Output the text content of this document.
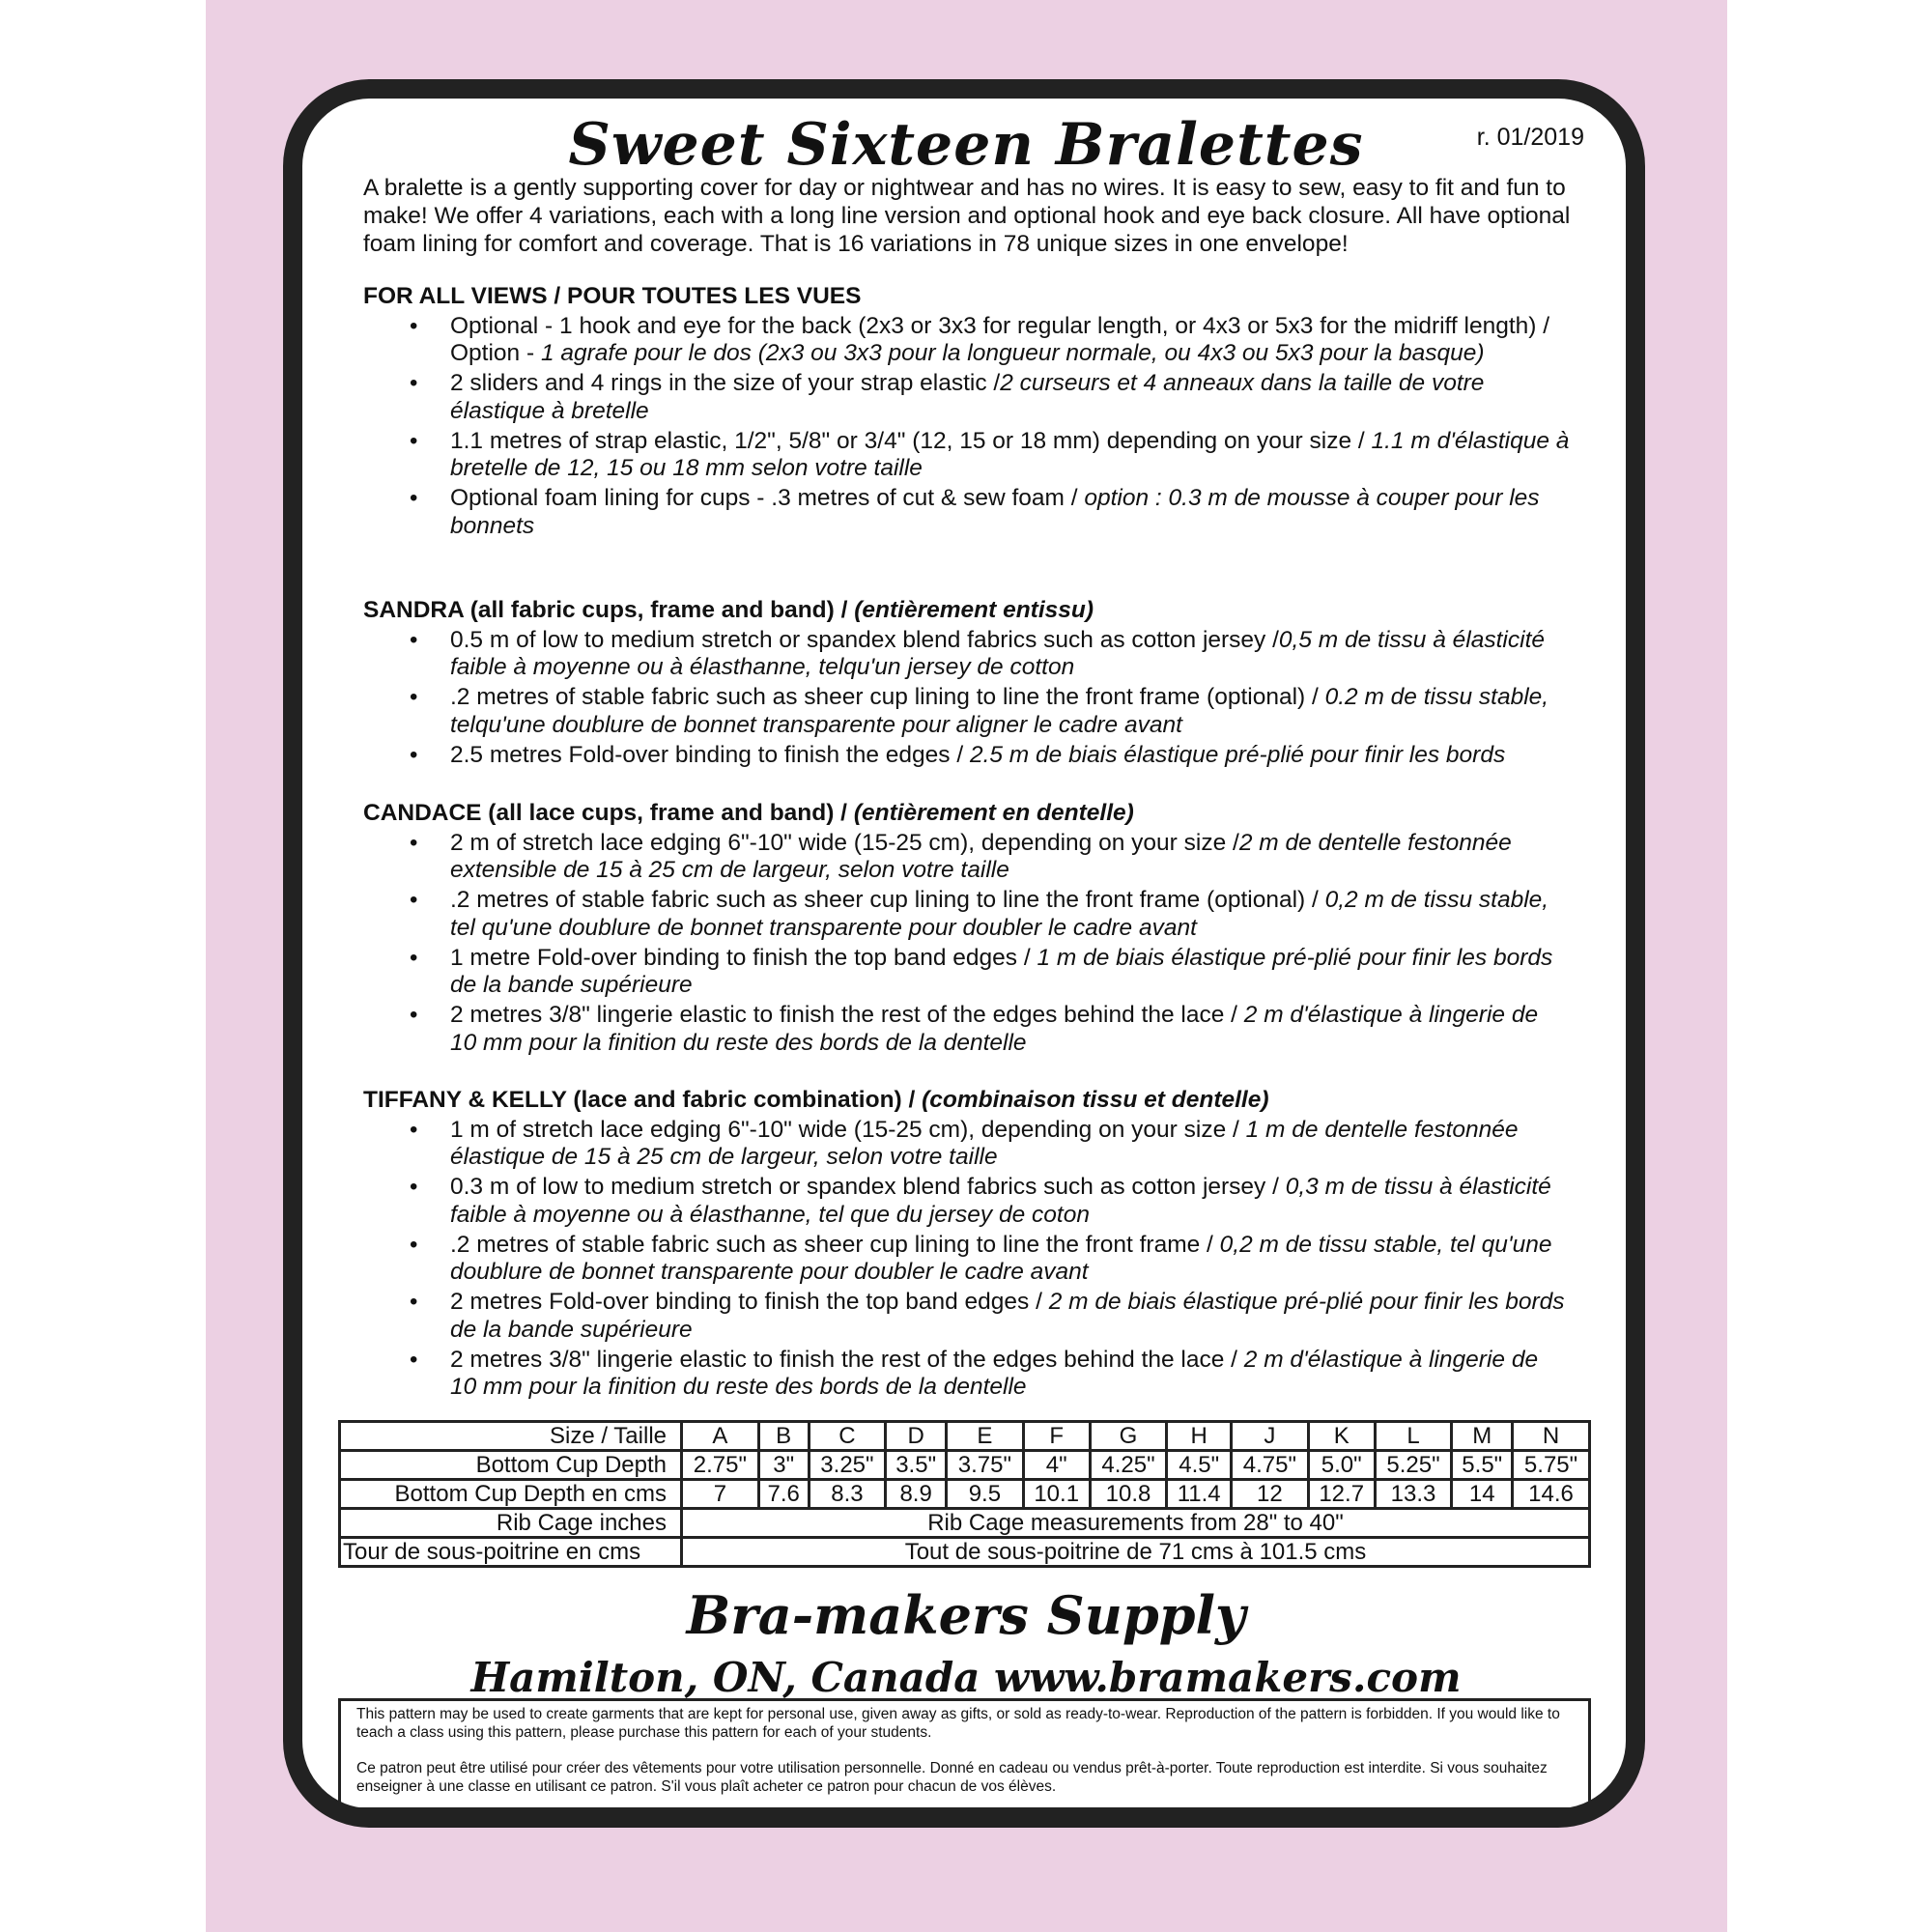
Sweet Sixteen Bralettes	r. 01/2019
A bralette is a gently supporting cover for day or nightwear and has no wires. It is easy to sew, easy to fit and fun to make! We offer 4 variations, each with a long line version and optional hook and eye back closure. All have optional foam lining for comfort and coverage. That is 16 variations in 78 unique sizes in one envelope!
FOR ALL VIEWS / POUR TOUTES LES VUES
• Optional - 1 hook and eye for the back (2x3 or 3x3 for regular length, or 4x3 or 5x3 for the midriff length) / Option - 1 agrafe pour le dos (2x3 ou 3x3 pour la longueur normale, ou 4x3 ou 5x3 pour la basque)
• 2 sliders and 4 rings in the size of your strap elastic /2 curseurs et 4 anneaux dans la taille de votre élastique à bretelle
• 1.1 metres of strap elastic, 1/2", 5/8" or 3/4" (12, 15 or 18 mm) depending on your size / 1.1 m d'élastique à bretelle de 12, 15 ou 18 mm selon votre taille
• Optional foam lining for cups - .3 metres of cut & sew foam / option : 0.3 m de mousse à couper pour les bonnets
SANDRA (all fabric cups, frame and band) / (entièrement entissu)
• 0.5 m of low to medium stretch or spandex blend fabrics such as cotton jersey /0,5 m de tissu à élasticité faible à moyenne ou à élasthanne, telqu'un jersey de cotton
• .2 metres of stable fabric such as sheer cup lining to line the front frame (optional) / 0.2 m de tissu stable, telqu'une doublure de bonnet transparente pour aligner le cadre avant
• 2.5 metres Fold-over binding to finish the edges / 2.5 m de biais élastique pré-plié pour finir les bords
CANDACE (all lace cups, frame and band) / (entièrement en dentelle)
• 2 m of stretch lace edging 6"-10" wide (15-25 cm), depending on your size /2 m de dentelle festonnée extensible de 15 à 25 cm de largeur, selon votre taille
• .2 metres of stable fabric such as sheer cup lining to line the front frame (optional) / 0,2 m de tissu stable, tel qu'une doublure de bonnet transparente pour doubler le cadre avant
• 1 metre Fold-over binding to finish the top band edges / 1 m de biais élastique pré-plié pour finir les bords de la bande supérieure
• 2 metres 3/8" lingerie elastic to finish the rest of the edges behind the lace / 2 m d'élastique à lingerie de 10 mm pour la finition du reste des bords de la dentelle
TIFFANY & KELLY (lace and fabric combination) / (combinaison tissu et dentelle)
• 1 m of stretch lace edging 6"-10" wide (15-25 cm), depending on your size / 1 m de dentelle festonnée élastique de 15 à 25 cm de largeur, selon votre taille
• 0.3 m of low to medium stretch or spandex blend fabrics such as cotton jersey / 0,3 m de tissu à élasticité faible à moyenne ou à élasthanne, tel que du jersey de coton
• .2 metres of stable fabric such as sheer cup lining to line the front frame / 0,2 m de tissu stable, tel qu'une doublure de bonnet transparente pour doubler le cadre avant
• 2 metres Fold-over binding to finish the top band edges / 2 m de biais élastique pré-plié pour finir les bords de la bande supérieure
• 2 metres 3/8" lingerie elastic to finish the rest of the edges behind the lace / 2 m d'élastique à lingerie de 10 mm pour la finition du reste des bords de la dentelle
Size / Taille	A	B	C	D	E	F	G	H	J	K	L	M	N
Bottom Cup Depth	2.75"	3"	3.25"	3.5"	3.75"	4"	4.25"	4.5"	4.75"	5.0"	5.25"	5.5"	5.75"
Bottom Cup Depth en cms	7	7.6	8.3	8.9	9.5	10.1	10.8	11.4	12	12.7	13.3	14	14.6
Rib Cage inches	Rib Cage measurements from 28" to 40"												
Tour de sous-poitrine en cms	Tout de sous-poitrine de 71 cms à 101.5 cms												
Bra-makers Supply
Hamilton, ON, Canada www.bramakers.com

This pattern may be used to create garments that are kept for personal use, given away as gifts, or sold as ready-to-wear. Reproduction of the pattern is forbidden. If you would like to teach a class using this pattern, please purchase this pattern for each of your students.

Ce patron peut être utilisé pour créer des vêtements pour votre utilisation personnelle. Donné en cadeau ou vendus prêt-à-porter. Toute reproduction est interdite. Si vous souhaitez enseigner à une classe en utilisant ce patron. S'il vous plaît acheter ce patron pour chacun de vos élèves.
